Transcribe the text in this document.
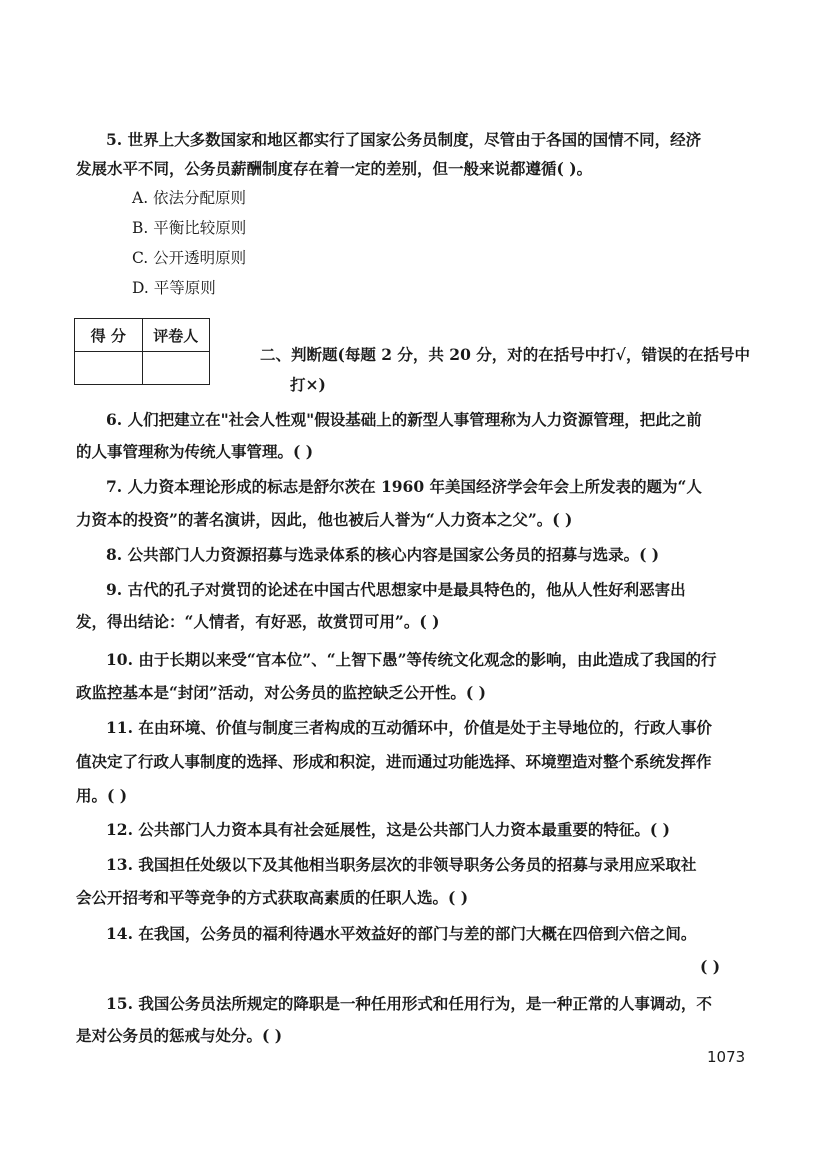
5. 世界上大多数国家和地区都实行了国家公务员制度，尽管由于各国的国情不同，经济
发展水平不同，公务员薪酬制度存在着一定的差别，但一般来说都遵循( )。
A. 依法分配原则
B. 平衡比较原则
C. 公开透明原则
D. 平等原则
得 分	评卷人

二、判断题(每题 2 分，共 20 分，对的在括号中打√，错误的在括号中
打×)
6. 人们把建立在"社会人性观"假设基础上的新型人事管理称为人力资源管理，把此之前
的人事管理称为传统人事管理。( )
7. 人力资本理论形成的标志是舒尔茨在 1960 年美国经济学会年会上所发表的题为“人
力资本的投资”的著名演讲，因此，他也被后人誉为“人力资本之父”。( )
8. 公共部门人力资源招募与选录体系的核心内容是国家公务员的招募与选录。( )
9. 古代的孔子对赏罚的论述在中国古代思想家中是最具特色的，他从人性好利恶害出
发，得出结论：“人情者，有好恶，故赏罚可用”。( )
10. 由于长期以来受“官本位”、“上智下愚”等传统文化观念的影响，由此造成了我国的行
政监控基本是“封闭”活动，对公务员的监控缺乏公开性。( )
11. 在由环境、价值与制度三者构成的互动循环中，价值是处于主导地位的，行政人事价
值决定了行政人事制度的选择、形成和积淀，进而通过功能选择、环境塑造对整个系统发挥作
用。( )
12. 公共部门人力资本具有社会延展性，这是公共部门人力资本最重要的特征。( )
13. 我国担任处级以下及其他相当职务层次的非领导职务公务员的招募与录用应采取社
会公开招考和平等竞争的方式获取高素质的任职人选。( )
14. 在我国，公务员的福利待遇水平效益好的部门与差的部门大概在四倍到六倍之间。
( )
15. 我国公务员法所规定的降职是一种任用形式和任用行为，是一种正常的人事调动，不
是对公务员的惩戒与处分。( )
1073
